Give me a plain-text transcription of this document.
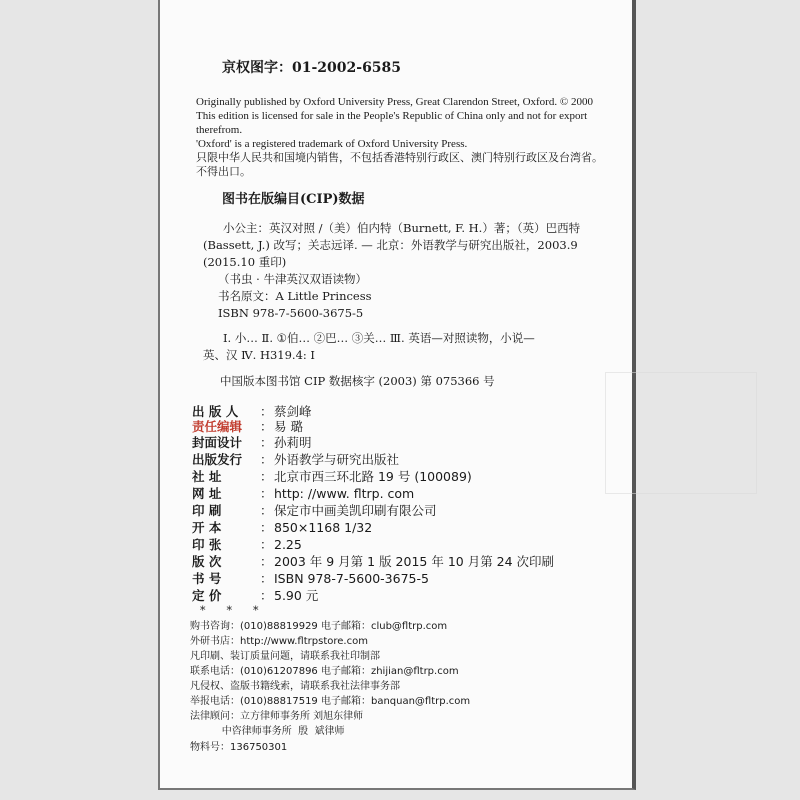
京权图字：01-2002-6585
Originally published by Oxford University Press, Great Clarendon Street, Oxford. © 2000
This edition is licensed for sale in the People's Republic of China only and not for export
therefrom.
'Oxford' is a registered trademark of Oxford University Press.
只限中华人民共和国境内销售，不包括香港特别行政区、澳门特别行政区及台湾省。
不得出口。
图书在版编目(CIP)数据
小公主：英汉对照 /（美）伯内特（Burnett, F. H.）著；（英）巴西特
(Bassett, J.) 改写；关志远译. — 北京：外语教学与研究出版社，2003.9
(2015.10 重印)
（书虫 · 牛津英汉双语读物）
书名原文：A Little Princess
ISBN 978-7-5600-3675-5
Ⅰ. 小… Ⅱ. ①伯… ②巴… ③关… Ⅲ. 英语—对照读物，小说—
英、汉 Ⅳ. H319.4: I
中国版本图书馆 CIP 数据核字 (2003) 第 075366 号
出 版 人 ：蔡剑峰
责任编辑 ：易 璐
封面设计 ：孙莉明
出版发行 ：外语教学与研究出版社
社 址	：北京市西三环北路 19 号 (100089)
网 址	：http: //www. fltrp. com
印 刷	：保定市中画美凯印刷有限公司
开 本	：850×1168 1/32
印 张	：2.25
版 次	：2003 年 9 月第 1 版 2015 年 10 月第 24 次印刷
书 号	：ISBN 978-7-5600-3675-5
定 价	：5.90 元
*      *      *
购书咨询：(010)88819929 电子邮箱：club@fltrp.com
外研书店：http://www.fltrpstore.com
凡印刷、装订质量问题，请联系我社印制部
联系电话：(010)61207896 电子邮箱：zhijian@fltrp.com
凡侵权、盗版书籍线索，请联系我社法律事务部
举报电话：(010)88817519 电子邮箱：banquan@fltrp.com
法律顾问：立方律师事务所 刘旭东律师
中咨律师事务所  殷  斌律师
物料号：136750301
